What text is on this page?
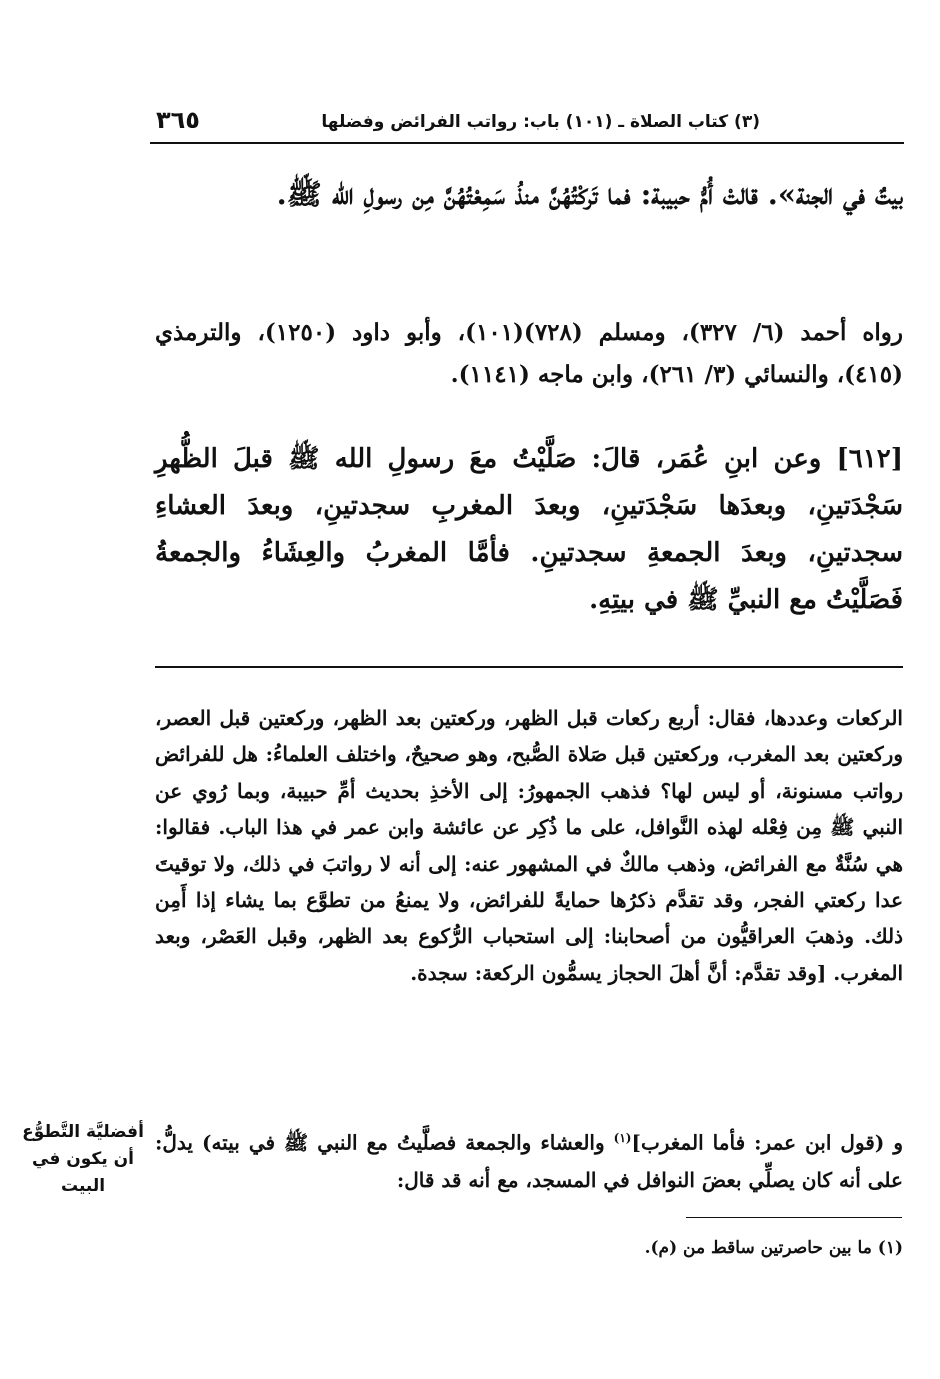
٣٦٥	(٣) كتاب الصلاة ـ (١٠١) باب: رواتب الفرائض وفضلها
بيتٌ في الجنة». قالتْ أُمُّ حبيبة: فما تَركْتُهُنَّ منذُ سَمِعْتُهُنَّ مِن رسولِ الله ﷺ.
رواه أحمد (٦/ ٣٢٧)، ومسلم (٧٢٨)(١٠١)، وأبو داود (١٢٥٠)، والترمذي (٤١٥)، والنسائي (٣/ ٢٦١)، وابن ماجه (١١٤١).
[٦١٢] وعن ابنِ عُمَر، قالَ: صَلَّيْتُ معَ رسولِ الله ﷺ قبلَ الظُّهرِ سَجْدَتينِ، وبعدَها سَجْدَتينِ، وبعدَ المغربِ سجدتينِ، وبعدَ العشاءِ سجدتينِ، وبعدَ الجمعةِ سجدتينِ. فأمَّا المغربُ والعِشَاءُ والجمعةُ فَصَلَّيْتُ مع النبيِّ ﷺ في بيتِهِ.
الركعات وعددها، فقال: أربع ركعات قبل الظهر، وركعتين بعد الظهر، وركعتين قبل العصر، وركعتين بعد المغرب، وركعتين قبل صَلاة الصُّبح، وهو صحيحٌ، واختلف العلماءُ: هل للفرائض رواتب مسنونة، أو ليس لها؟ فذهب الجمهورُ: إلى الأخذِ بحديث أمِّ حبيبة، وبما رُوي عن النبي ﷺ مِن فِعْله لهذه النَّوافل، على ما ذُكِر عن عائشة وابن عمر في هذا الباب. فقالوا: هي سُنَّةٌ مع الفرائض، وذهب مالكٌ في المشهور عنه: إلى أنه لا رواتبَ في ذلك، ولا توقيتَ عدا ركعتي الفجر، وقد تقدَّم ذكرُها حمايةً للفرائض، ولا يمنعُ من تطوَّع بما يشاء إذا أَمِن ذلك. وذهبَ العراقيُّون من أصحابنا: إلى استحباب الرُّكوع بعد الظهر، وقبل العَصْر، وبعد المغرب. [وقد تقدَّم: أنَّ أهلَ الحجاز يسمُّون الركعة: سجدة.
و (قول ابن عمر: فأما المغرب]$^{(١)}$ والعشاء والجمعة فصلَّيتُ مع النبي ﷺ في بيته) يدلُّ: على أنه كان يصلِّي بعضَ النوافل في المسجد، مع أنه قد قال:
أفضليَّة التَّطوُّع أن يكون في البيت
(١) ما بين حاصرتين ساقط من (م).
